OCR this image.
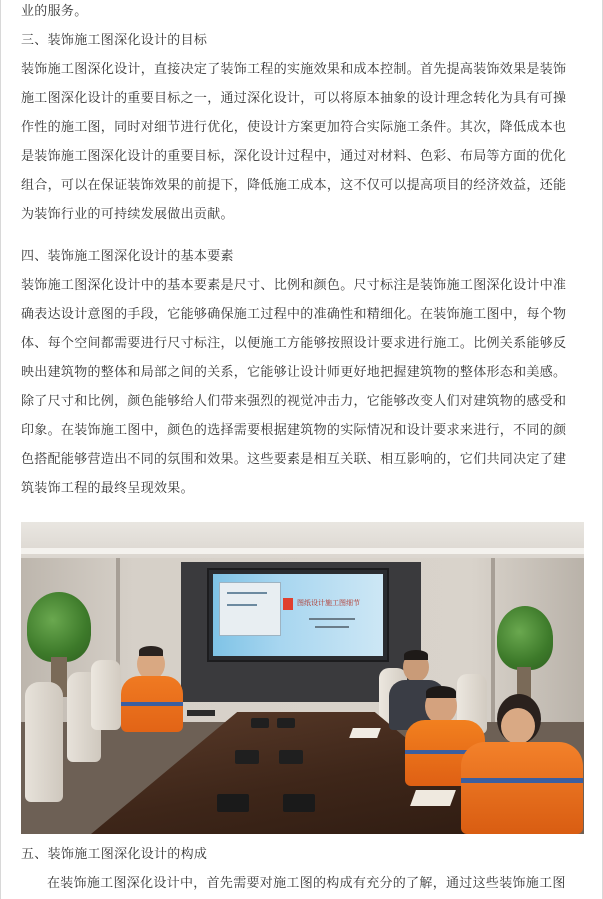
业的服务。
三、装饰施工图深化设计的目标
装饰施工图深化设计，直接决定了装饰工程的实施效果和成本控制。首先提高装饰效果是装饰
施工图深化设计的重要目标之一，通过深化设计，可以将原本抽象的设计理念转化为具有可操
作性的施工图，同时对细节进行优化，使设计方案更加符合实际施工条件。其次，降低成本也
是装饰施工图深化设计的重要目标，深化设计过程中，通过对材料、色彩、布局等方面的优化
组合，可以在保证装饰效果的前提下，降低施工成本，这不仅可以提高项目的经济效益，还能
为装饰行业的可持续发展做出贡献。
四、装饰施工图深化设计的基本要素
装饰施工图深化设计中的基本要素是尺寸、比例和颜色。尺寸标注是装饰施工图深化设计中准
确表达设计意图的手段，它能够确保施工过程中的准确性和精细化。在装饰施工图中，每个物
体、每个空间都需要进行尺寸标注，以便施工方能够按照设计要求进行施工。比例关系能够反
映出建筑物的整体和局部之间的关系，它能够让设计师更好地把握建筑物的整体形态和美感。
除了尺寸和比例，颜色能够给人们带来强烈的视觉冲击力，它能够改变人们对建筑物的感受和
印象。在装饰施工图中，颜色的选择需要根据建筑物的实际情况和设计要求来进行，不同的颜
色搭配能够营造出不同的氛围和效果。这些要素是相互关联、相互影响的，它们共同决定了建
筑装饰工程的最终呈现效果。
图纸设计施工图细节
五、装饰施工图深化设计的构成
在装饰施工图深化设计中，首先需要对施工图的构成有充分的了解，通过这些装饰施工图
